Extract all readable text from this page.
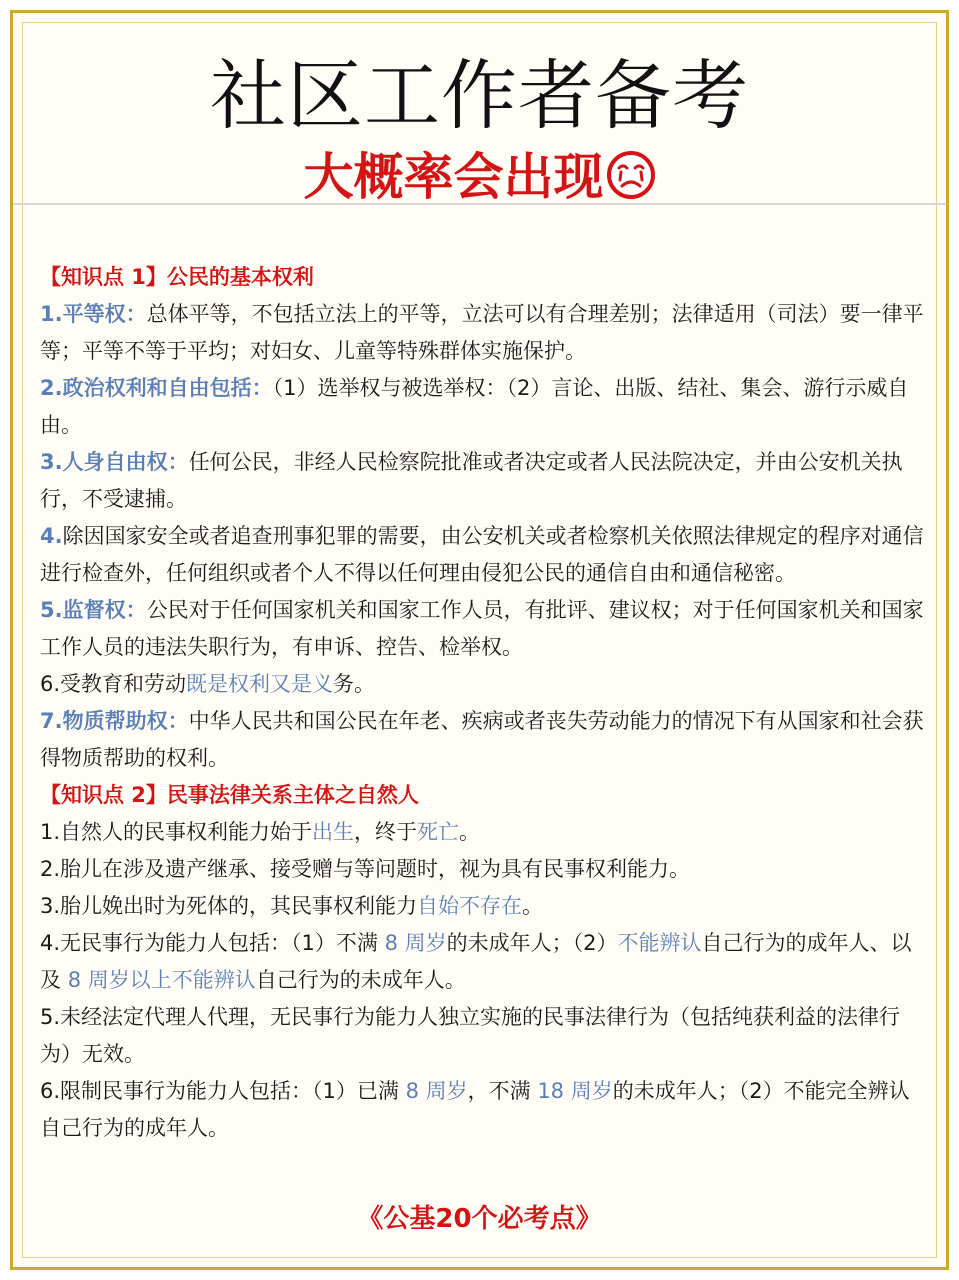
社区工作者备考
大概率会出现

【知识点 1】公民的基本权利

1.平等权：总体平等，不包括立法上的平等，立法可以有合理差别；法律适用（司法）要一律平等；平等不等于平均；对妇女、儿童等特殊群体实施保护。

2.政治权利和自由包括：（1）选举权与被选举权：（2）言论、出版、结社、集会、游行示威自由。

3.人身自由权：任何公民，非经人民检察院批准或者决定或者人民法院决定，并由公安机关执行，不受逮捕。

4.除因国家安全或者追查刑事犯罪的需要，由公安机关或者检察机关依照法律规定的程序对通信进行检查外，任何组织或者个人不得以任何理由侵犯公民的通信自由和通信秘密。

5.监督权：公民对于任何国家机关和国家工作人员，有批评、建议权；对于任何国家机关和国家工作人员的违法失职行为，有申诉、控告、检举权。

6.受教育和劳动既是权利又是义务。

7.物质帮助权：中华人民共和国公民在年老、疾病或者丧失劳动能力的情况下有从国家和社会获得物质帮助的权利。

【知识点 2】民事法律关系主体之自然人

1.自然人的民事权利能力始于出生，终于死亡。

2.胎儿在涉及遗产继承、接受赠与等问题时，视为具有民事权利能力。

3.胎儿娩出时为死体的，其民事权利能力自始不存在。

4.无民事行为能力人包括：（1）不满 8 周岁的未成年人；（2）不能辨认自己行为的成年人、以及 8 周岁以上不能辨认自己行为的未成年人。

5.未经法定代理人代理，无民事行为能力人独立实施的民事法律行为（包括纯获利益的法律行为）无效。

6.限制民事行为能力人包括：（1）已满 8 周岁，不满 18 周岁的未成年人；（2）不能完全辨认自己行为的成年人。

《公基20个必考点》
